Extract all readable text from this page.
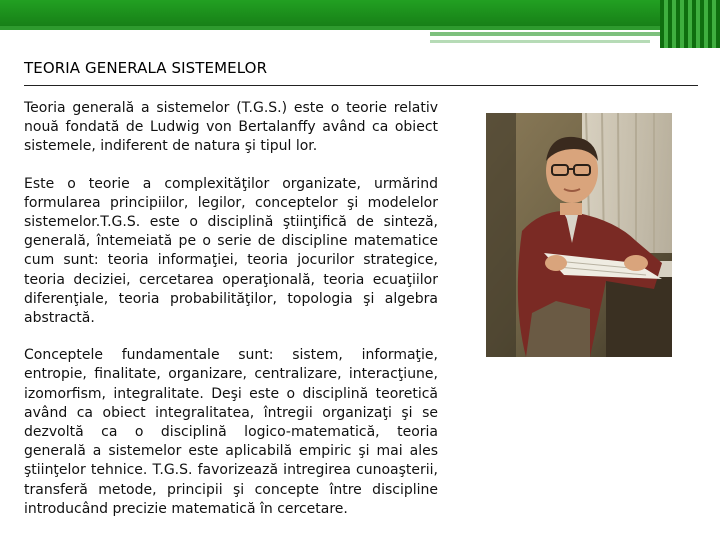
TEORIA GENERALA SISTEMELOR

Teoria generală a sistemelor (T.G.S.) este o teorie relativ nouă fondată de Ludwig von Bertalanffy având ca obiect sistemele, indiferent de natura şi tipul lor.

Este o teorie a complexităţilor organizate, urmărind formularea principiilor, legilor, conceptelor şi modelelor sistemelor.T.G.S. este o disciplină ştiinţifică de sinteză, generală, întemeiată pe o serie de discipline matematice cum sunt: teoria informaţiei, teoria jocurilor strategice, teoria deciziei, cercetarea operaţională, teoria ecuaţiilor diferenţiale, teoria probabilităţilor, topologia şi algebra abstractă.

Conceptele fundamentale sunt: sistem, informaţie, entropie, finalitate, organizare, centralizare, interacţiune, izomorfism, integralitate. Deşi este o disciplină teoretică având ca obiect integralitatea, întregii organizaţi şi se dezvoltă ca o disciplină logico-matematică, teoria generală a sistemelor este aplicabilă empiric şi mai ales ştiinţelor tehnice. T.G.S. favorizează intregirea cunoaşterii, transferă metode, principii şi concepte între discipline introducând precizie matematică în cercetare.
